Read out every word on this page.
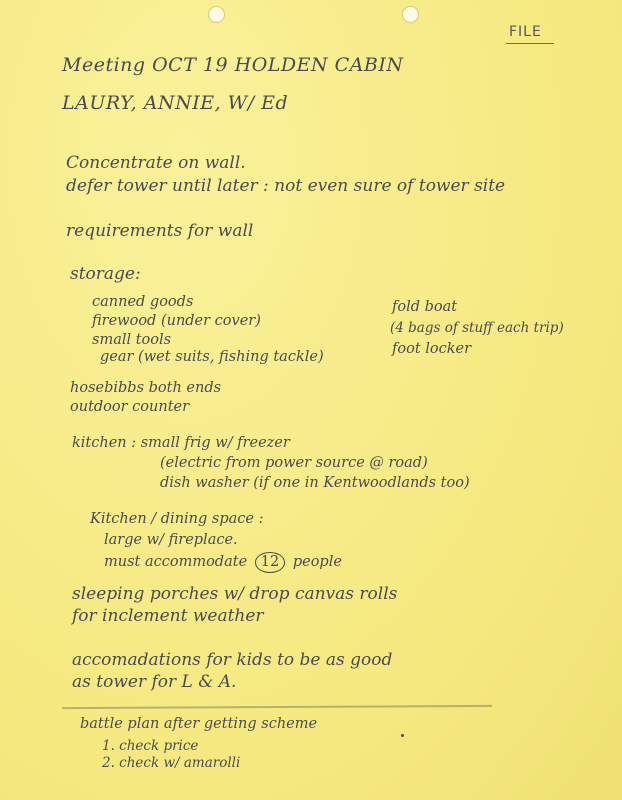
FILE
Meeting OCT 19 HOLDEN CABIN
LAURY, ANNIE, W/ Ed
Concentrate on wall.
defer tower until later : not even sure of tower site
requirements for wall
storage:
canned goods
firewood (under cover)
small tools
gear (wet suits, fishing tackle)
fold boat
(4 bags of stuff each trip)
foot locker
hosebibbs both ends
outdoor counter
kitchen : small frig w/ freezer
(electric from power source @ road)
dish washer (if one in Kentwoodlands too)
Kitchen / dining space :
large w/ fireplace.
must accommodate 12 people
sleeping porches w/ drop canvas rolls
for inclement weather
accomadations for kids to be as good
as tower for L & A.
battle plan after getting scheme
1. check price
2. check w/ amarolli
